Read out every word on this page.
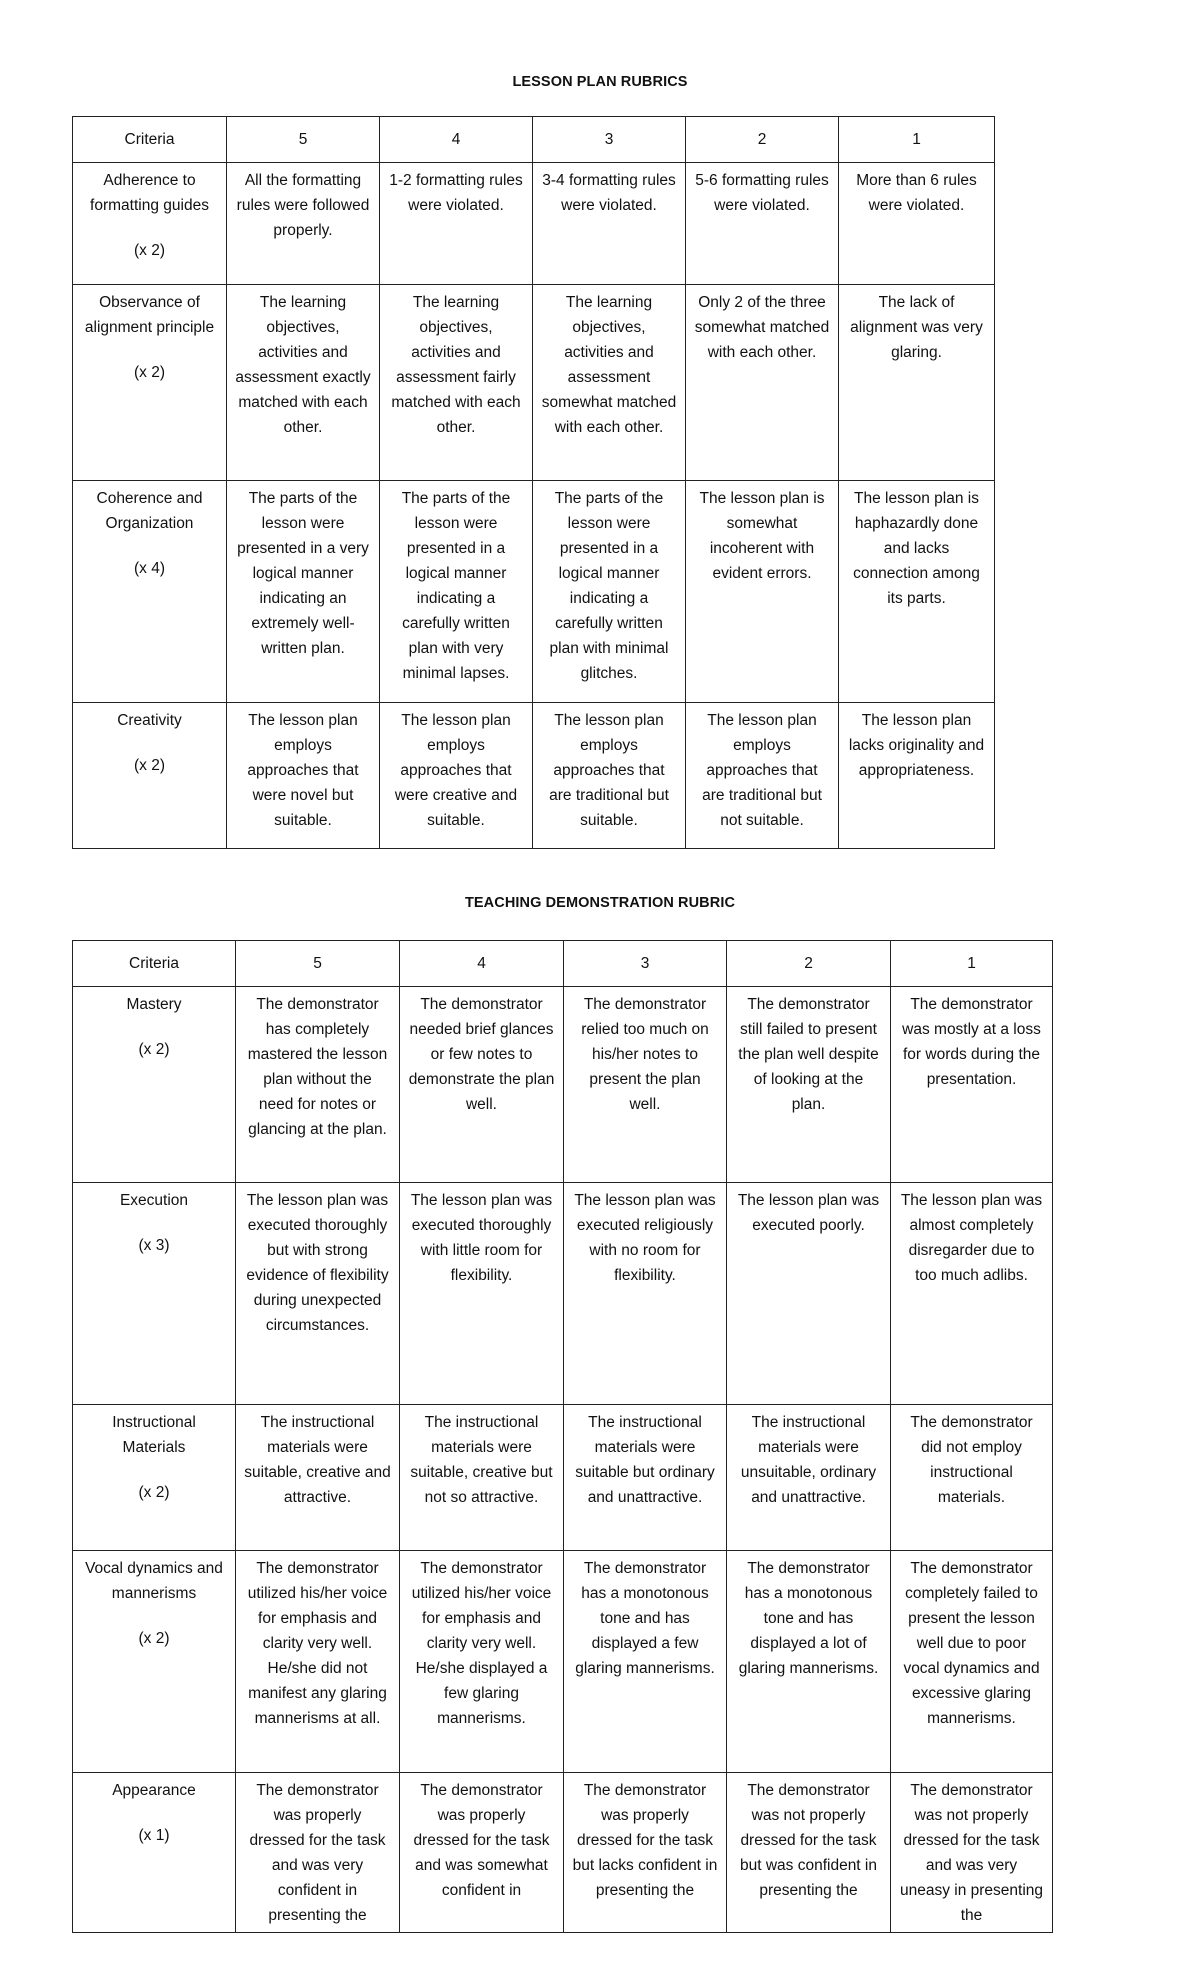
LESSON PLAN RUBRICS
Criteria	5	4	3	2	1

Adherence to formatting guides
(x 2)	All the formatting rules were followed properly.	1-2 formatting rules were violated.	3-4 formatting rules were violated.	5-6 formatting rules were violated.	More than 6 rules were violated.

Observance of alignment principle
(x 2)	The learning objectives, activities and assessment exactly matched with each other.	The learning objectives, activities and assessment fairly matched with each other.	The learning objectives, activities and assessment somewhat matched with each other.	Only 2 of the three somewhat matched with each other.	The lack of alignment was very glaring.

Coherence and Organization
(x 4)	The parts of the lesson were presented in a very logical manner indicating an extremely well- written plan.	The parts of the lesson were presented in a logical manner indicating a carefully written plan with very minimal lapses.	The parts of the lesson were presented in a logical manner indicating a carefully written plan with minimal glitches.	The lesson plan is somewhat incoherent with evident errors.	The lesson plan is haphazardly done and lacks connection among its parts.

Creativity
(x 2)	The lesson plan employs approaches that were novel but suitable.	The lesson plan employs approaches that were creative and suitable.	The lesson plan employs approaches that are traditional but suitable.	The lesson plan employs approaches that are traditional but not suitable.	The lesson plan lacks originality and appropriateness.
TEACHING DEMONSTRATION RUBRIC
Criteria	5	4	3	2	1

Mastery
(x 2)	The demonstrator has completely mastered the lesson plan without the need for notes or glancing at the plan.	The demonstrator needed brief glances or few notes to demonstrate the plan well.	The demonstrator relied too much on his/her notes to present the plan well.	The demonstrator still failed to present the plan well despite of looking at the plan.	The demonstrator was mostly at a loss for words during the presentation.

Execution
(x 3)	The lesson plan was executed thoroughly but with strong evidence of flexibility during unexpected circumstances.	The lesson plan was executed thoroughly with little room for flexibility.	The lesson plan was executed religiously with no room for flexibility.	The lesson plan was executed poorly.	The lesson plan was almost completely disregarder due to too much adlibs.

Instructional Materials
(x 2)	The instructional materials were suitable, creative and attractive.	The instructional materials were suitable, creative but not so attractive.	The instructional materials were suitable but ordinary and unattractive.	The instructional materials were unsuitable, ordinary and unattractive.	The demonstrator did not employ instructional materials.

Vocal dynamics and mannerisms
(x 2)	The demonstrator utilized his/her voice for emphasis and clarity very well. He/she did not manifest any glaring mannerisms at all.	The demonstrator utilized his/her voice for emphasis and clarity very well. He/she displayed a few glaring mannerisms.	The demonstrator has a monotonous tone and has displayed a few glaring mannerisms.	The demonstrator has a monotonous tone and has displayed a lot of glaring mannerisms.	The demonstrator completely failed to present the lesson well due to poor vocal dynamics and excessive glaring mannerisms.

Appearance
(x 1)	The demonstrator was properly dressed for the task and was very confident in presenting the	The demonstrator was properly dressed for the task and was somewhat confident in	The demonstrator was properly dressed for the task but lacks confident in presenting the	The demonstrator was not properly dressed for the task but was confident in presenting the	The demonstrator was not properly dressed for the task and was very uneasy in presenting the
